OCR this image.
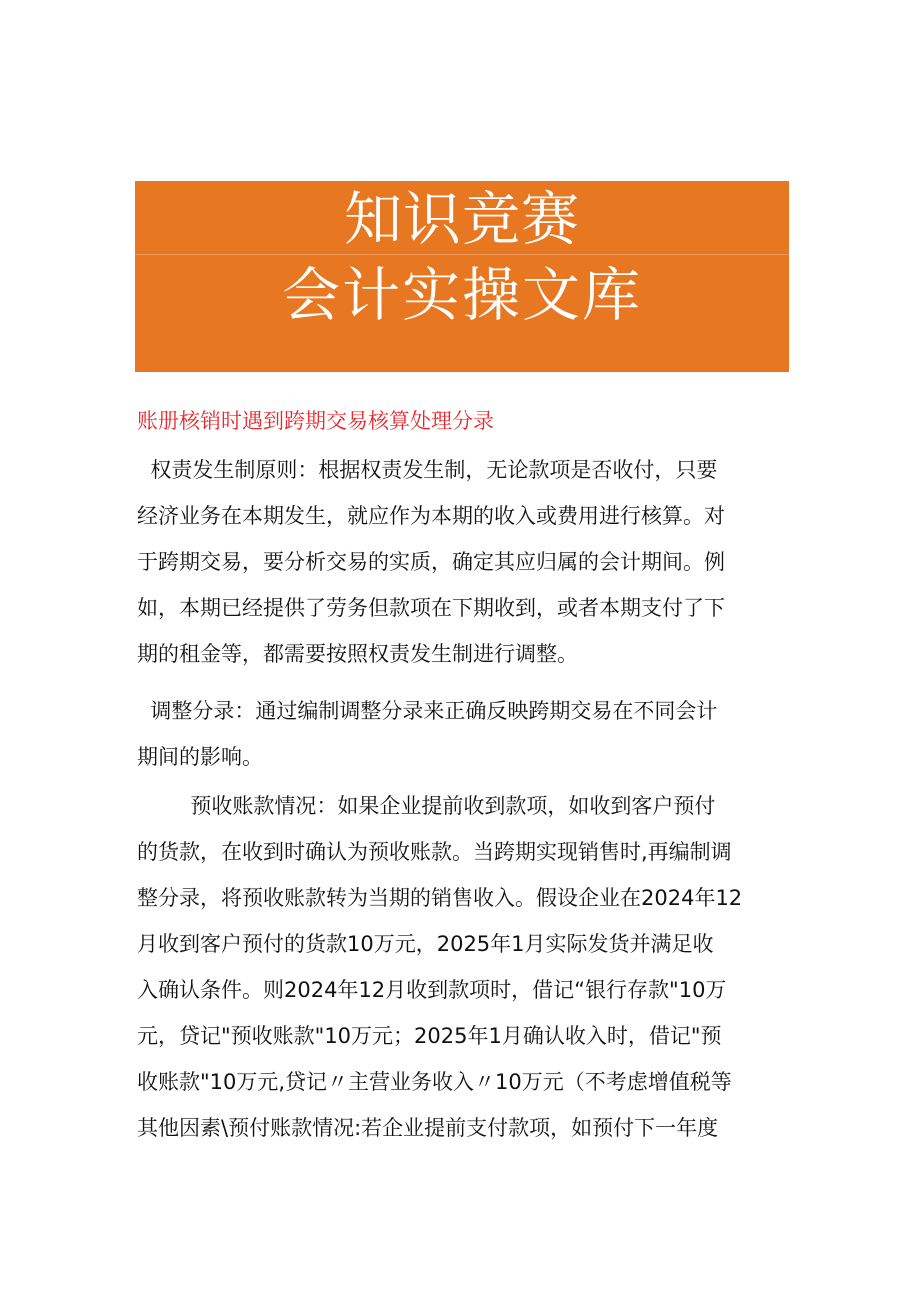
知识竞赛
会计实操文库
账册核销时遇到跨期交易核算处理分录
权责发生制原则：根据权责发生制，无论款项是否收付，只要
经济业务在本期发生，就应作为本期的收入或费用进行核算。对
于跨期交易，要分析交易的实质，确定其应归属的会计期间。例
如，本期已经提供了劳务但款项在下期收到，或者本期支付了下
期的租金等，都需要按照权责发生制进行调整。
调整分录：通过编制调整分录来正确反映跨期交易在不同会计
期间的影响。
预收账款情况：如果企业提前收到款项，如收到客户预付
的货款，在收到时确认为预收账款。当跨期实现销售时,再编制调
整分录，将预收账款转为当期的销售收入。假设企业在2024年12
月收到客户预付的货款10万元，2025年1月实际发货并满足收
入确认条件。则2024年12月收到款项时，借记“银行存款"10万
元，贷记"预收账款"10万元；2025年1月确认收入时，借记"预
收账款"10万元,贷记〃主营业务收入〃10万元（不考虑增值税等
其他因素\预付账款情况:若企业提前支付款项，如预付下一年度
